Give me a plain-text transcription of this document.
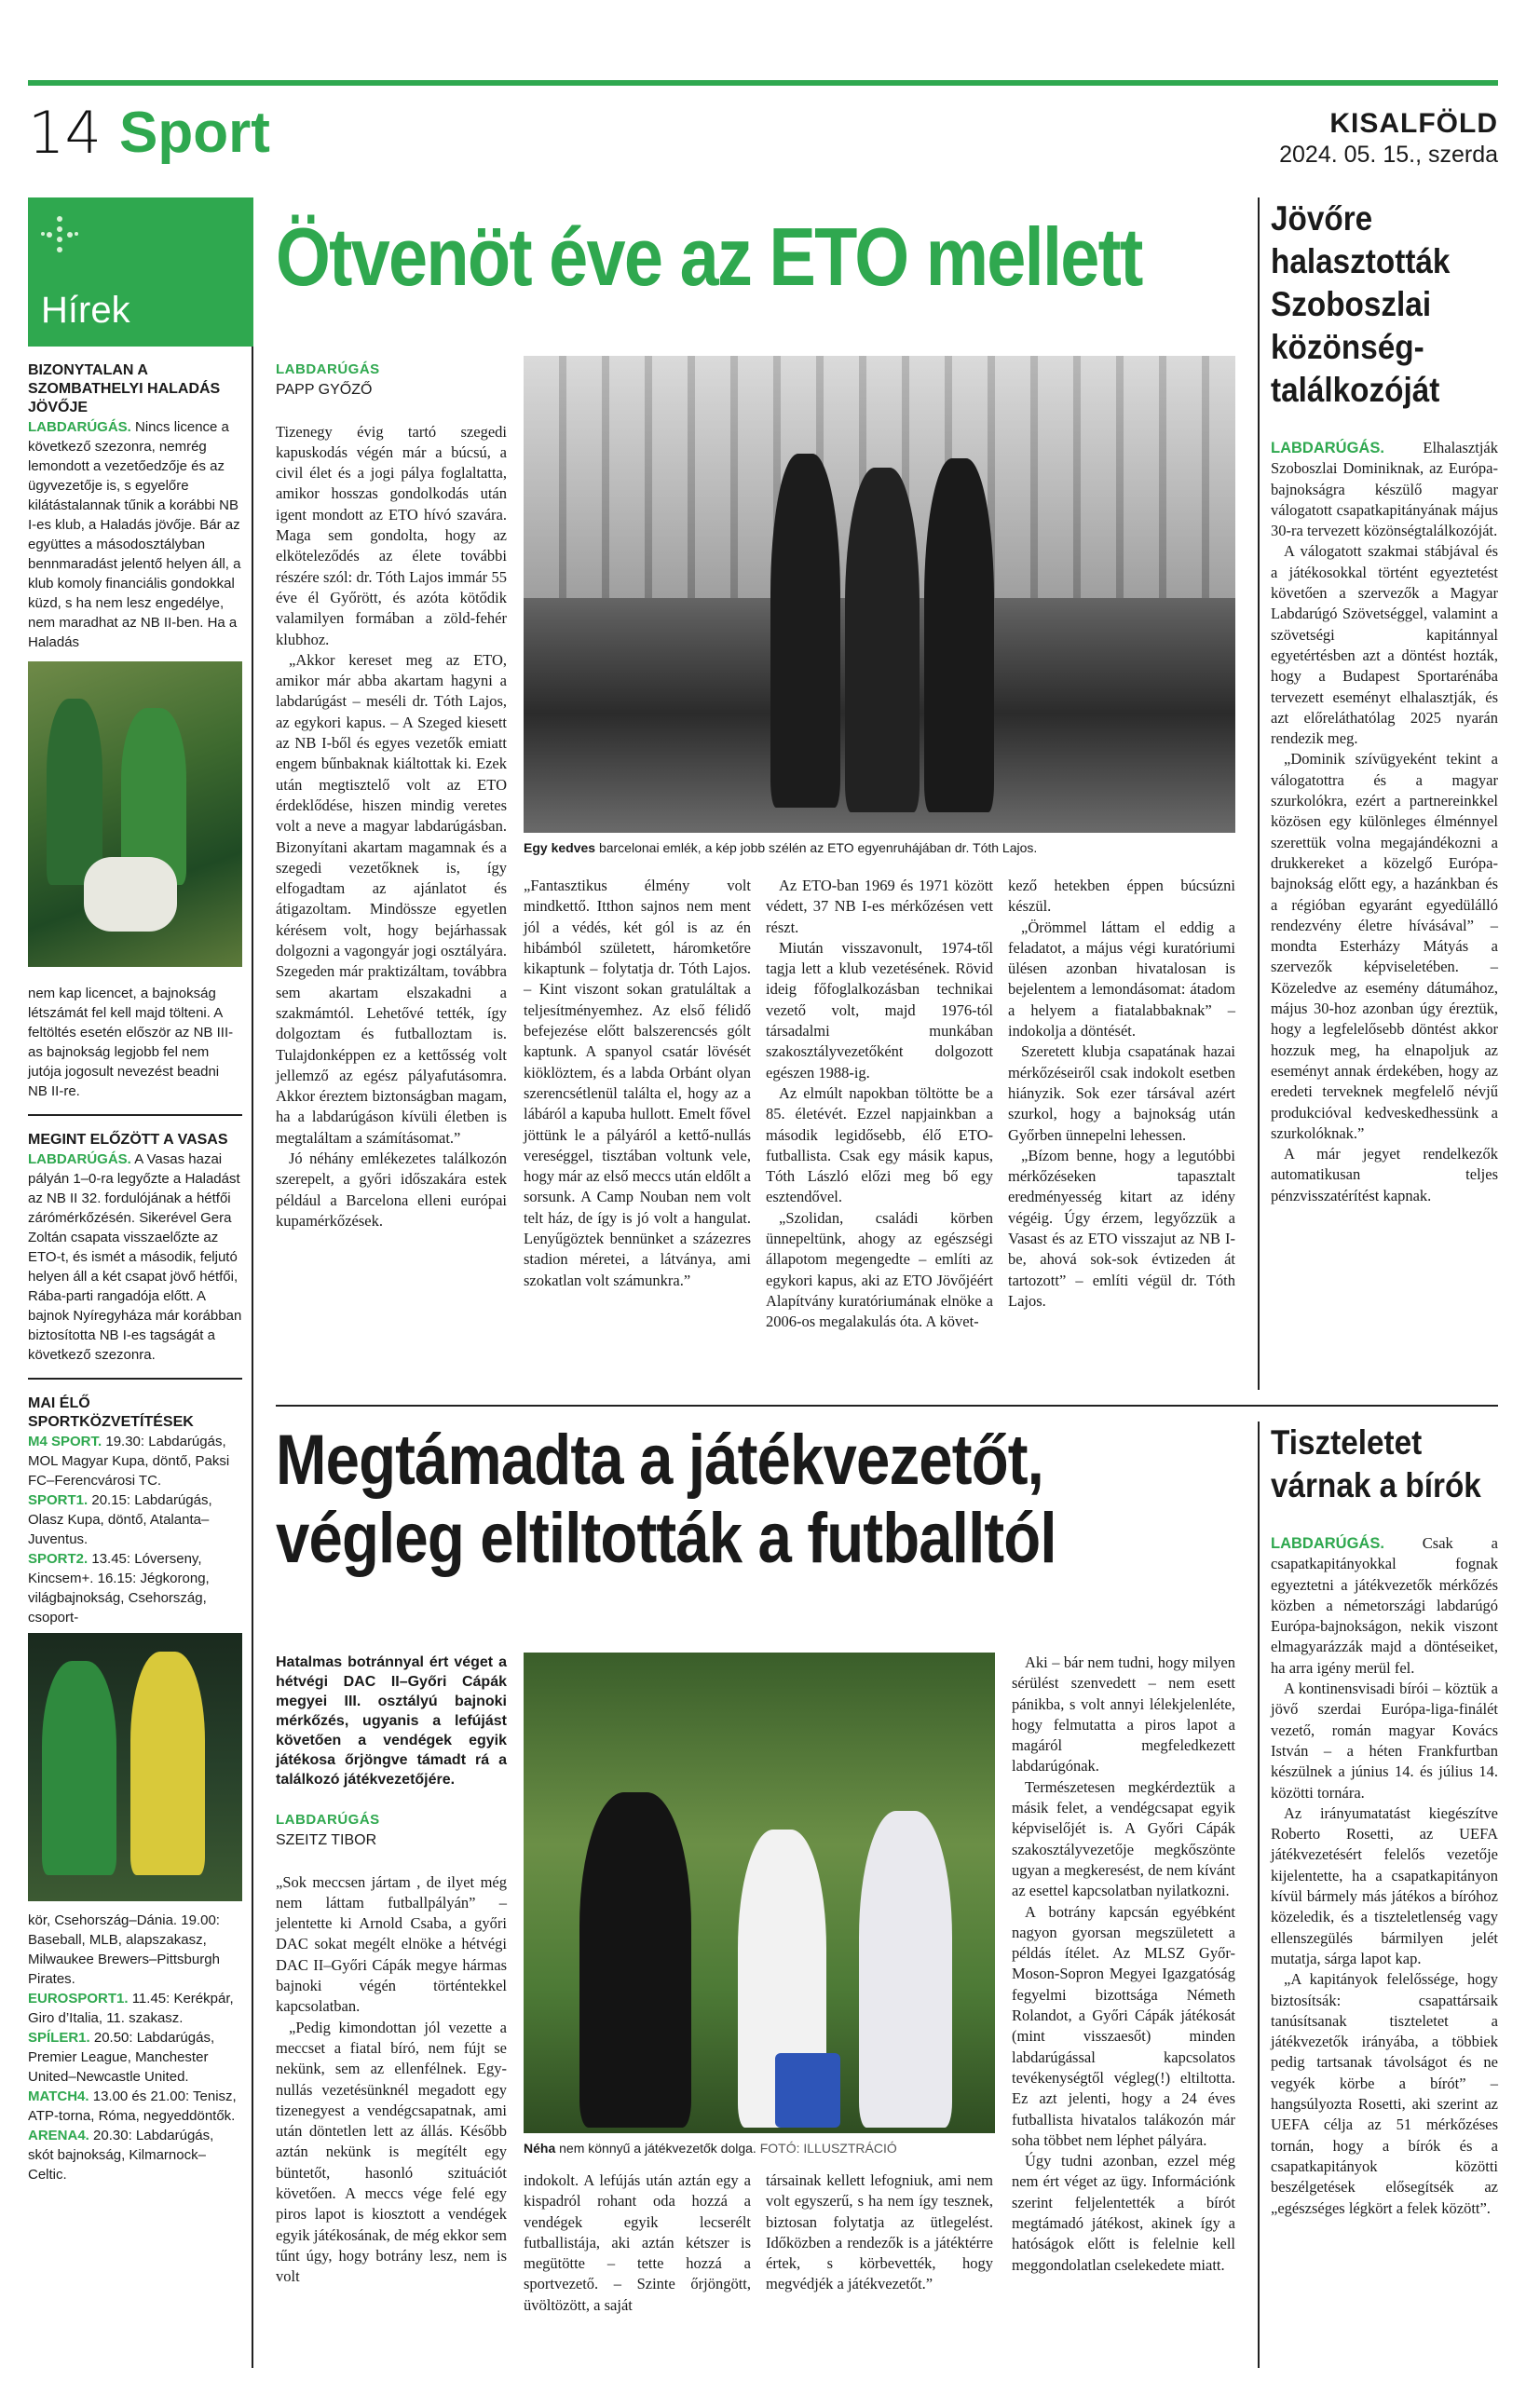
14 Sport	KISALFÖLD
2024. 05. 15., szerda
Hírek
BIZONYTALAN A SZOMBATHELYI HALADÁS JÖVŐJE
LABDARÚGÁS. Nincs licence a következő szezonra, nemrég lemondott a vezetőedzője és az ügyvezetője is, s egyelőre kilátástalannak tűnik a korábbi NB I-es klub, a Haladás jövője. Bár az együttes a másodosztályban bennmaradást jelentő helyen áll, a klub komoly financiális gondokkal küzd, s ha nem lesz engedélye, nem maradhat az NB II-ben. Ha a Haladás
nem kap licencet, a bajnokság létszámát fel kell majd tölteni. A feltöltés esetén először az NB III-as bajnokság legjobb fel nem jutója jogosult nevezést beadni NB II-re.
MEGINT ELŐZÖTT A VASAS
LABDARÚGÁS. A Vasas hazai pályán 1–0-ra legyőzte a Haladást az NB II 32. fordulójának a hétfői zárómérkőzésén. Sikerével Gera Zoltán csapata visszaelőzte az ETO-t, és ismét a második, feljutó helyen áll a két csapat jövő hétfői, Rába-parti rangadója előtt. A bajnok Nyíregyháza már korábban biztosította NB I-es tagságát a következő szezonra.
MAI ÉLŐ SPORTKÖZVETÍTÉSEK
M4 SPORT. 19.30: Labdarúgás, MOL Magyar Kupa, döntő, Paksi FC–Ferencvárosi TC.
SPORT1. 20.15: Labdarúgás, Olasz Kupa, döntő, Atalanta–Juventus.
SPORT2. 13.45: Lóverseny, Kincsem+. 16.15: Jégkorong, világbajnokság, Csehország, csoport-
kör, Csehország–Dánia. 19.00: Baseball, MLB, alapszakasz, Milwaukee Brewers–Pittsburgh Pirates.
EUROSPORT1. 11.45: Kerékpár, Giro d’Italia, 11. szakasz.
SPÍLER1. 20.50: Labdarúgás, Premier League, Manchester United–Newcastle United.
MATCH4. 13.00 és 21.00: Tenisz, ATP-torna, Róma, negyeddöntők.
ARENA4. 20.30: Labdarúgás, skót bajnokság, Kilmarnock–Celtic.
Ötvenöt éve az ETO mellett
LABDARÚGÁS
PAPP GYŐZŐ

Tizenegy évig tartó szegedi kapuskodás végén már a búcsú, a civil élet és a jogi pálya foglaltatta, amikor hosszas gondolkodás után igent mondott az ETO hívó szavára. Maga sem gondolta, hogy az elköteleződés az élete további részére szól: dr. Tóth Lajos immár 55 éve él Győrött, és azóta kötődik valamilyen formában a zöld-fehér klubhoz.

„Akkor kereset meg az ETO, amikor már abba akartam hagyni a labdarúgást – meséli dr. Tóth Lajos, az egykori kapus. – A Szeged kiesett az NB I-ből és egyes vezetők emiatt engem bűnbaknak kiáltottak ki. Ezek után megtisztelő volt az ETO érdeklődése, hiszen mindig veretes volt a neve a magyar labdarúgásban. Bizonyítani akartam magamnak és a szegedi vezetőknek is, így elfogadtam az ajánlatot és átigazoltam. Mindössze egyetlen kérésem volt, hogy bejárhassak dolgozni a vagongyár jogi osztályára. Szegeden már praktizáltam, továbbra sem akartam elszakadni a szakmámtól. Lehetővé tették, így dolgoztam és futballoztam is. Tulajdonképpen ez a kettősség volt jellemző az egész pályafutásomra. Akkor éreztem biztonságban magam, ha a labdarúgáson kívüli életben is megtaláltam a számításomat.”

Jó néhány emlékezetes találkozón szerepelt, a győri időszakára estek például a Barcelona elleni európai kupamérkőzések.

Egy kedves barcelonai emlék, a kép jobb szélén az ETO egyenruhájában dr. Tóth Lajos.

„Fantasztikus élmény volt mindkettő. Itthon sajnos nem ment jól a védés, két gól is az én hibámból született, háromketőre kikaptunk – folytatja dr. Tóth Lajos. – Kint viszont sokan gratuláltak a teljesítményemhez. Az első félidő befejezése előtt balszerencsés gólt kaptunk. A spanyol csatár lövését kiöklöztem, és a labda Orbánt olyan szerencsétlenül találta el, hogy az a lábáról a kapuba hullott. Emelt fővel jöttünk le a pályáról a kettő-nullás vereséggel, tisztában voltunk vele, hogy már az első meccs után eldőlt a sorsunk. A Camp Nouban nem volt telt ház, de így is jó volt a hangulat. Lenyűgöztek bennünket a százezres stadion méretei, a látványa, ami szokatlan volt számunkra.”

Az ETO-ban 1969 és 1971 között védett, 37 NB I-es mérkőzésen vett részt.

Miután visszavonult, 1974-től tagja lett a klub vezetésének. Rövid ideig főfoglalkozásban technikai vezető volt, majd 1976-tól társadalmi munkában szakosztályvezetőként dolgozott egészen 1988-ig.

Az elmúlt napokban töltötte be a 85. életévét. Ezzel napjainkban a második legidősebb, élő ETO-futballista. Csak egy másik kapus, Tóth László előzi meg bő egy esztendővel.

„Szolidan, családi körben ünnepeltünk, ahogy az egészségi állapotom megengedte – említi az egykori kapus, aki az ETO Jövőjéért Alapítvány kuratóriumának elnöke a 2006-os megalakulás óta. A követ-

kező hetekben éppen búcsúzni készül.

„Örömmel láttam el eddig a feladatot, a május végi kuratóriumi ülésen azonban hivatalosan is bejelentem a lemondásomat: átadom a helyem a fiatalabbaknak” – indokolja a döntését.

Szeretett klubja csapatának hazai mérkőzéseiről csak indokolt esetben hiányzik. Sok ezer társával azért szurkol, hogy a bajnokság után Győrben ünnepelni lehessen.

„Bízom benne, hogy a legutóbbi mérkőzéseken tapasztalt eredményesség kitart az idény végéig. Úgy érzem, legyőzzük a Vasast és az ETO visszajut az NB I-be, ahová sok-sok évtizeden át tartozott” – említi végül dr. Tóth Lajos.

Jövőre halasztották Szoboszlai közönség-találkozóját

LABDARÚGÁS.	Elhalasztják Szoboszlai Dominiknak, az Európa-bajnokságra készülő magyar válogatott csapatkapitányának május 30-ra tervezett közönségtalálkozóját.

A válogatott szakmai stábjával és a játékosokkal történt egyeztetést követően a szervezők a Magyar Labdarúgó Szövetséggel, valamint a szövetségi kapitánnyal egyetértésben azt a döntést hozták, hogy a Budapest Sportarénába tervezett eseményt elhalasztják, és azt előreláthatólag 2025 nyarán rendezik meg.

„Dominik szívügyeként tekint a válogatottra és a magyar szurkolókra, ezért a partnereinkkel közösen egy különleges élménnyel szerettük volna megajándékozni a drukkereket a közelgő Európa-bajnokság előtt egy, a hazánkban és a régióban egyaránt egyedülálló rendezvény életre hívásával” – mondta Esterházy Mátyás a szervezők képviseletében. – Közeledve az esemény dátumához, május 30-hoz azonban úgy éreztük, hogy a legfelelősebb döntést akkor hozzuk meg, ha elnapoljuk az eseményt annak érdekében, hogy az eredeti terveknek megfelelő névjű produkcióval kedveskedhessünk a szurkolóknak.”

A már jegyet rendelkezők automatikusan teljes pénzvisszatérítést kapnak.

Megtámadta a játékvezetőt, végleg eltiltották a futballtól
Hatalmas botránnyal ért véget a hétvégi DAC II–Győri Cápák megyei III. osztályú bajnoki mérkőzés, ugyanis a lefújást követően a vendégek egyik játékosa őrjöngve támadt rá a találkozó játékvezetőjére.
LABDARÚGÁS
SZEITZ TIBOR

„Sok meccsen jártam , de ilyet még nem láttam futballpályán” – jelentette ki Arnold Csaba, a győri DAC sokat megélt elnöke a hétvégi DAC II–Győri Cápák megye hármas bajnoki végén történtekkel kapcsolatban.

„Pedig kimondottan jól vezette a meccset a fiatal bíró, nem fújt se nekünk, sem az ellenfélnek. Egy-nullás vezetésünknél megadott egy tizenegyest a vendégcsapatnak, ami után döntetlen lett az állás. Később aztán nekünk is megítélt egy büntetőt, hasonló szituációt követően. A meccs vége felé egy piros lapot is kiosztott a vendégek egyik játékosának, de még ekkor sem tűnt úgy, hogy botrány lesz, nem is volt

Néha nem könnyű a játékvezetők dolga. FOTÓ: ILLUSZTRÁCIÓ

Aki – bár nem tudni, hogy milyen sérülést szenvedett – nem esett pánikba, s volt annyi lélekjelenléte, hogy felmutatta a piros lapot a magáról megfeledkezett labdarúgónak.

Természetesen megkérdeztük a másik felet, a vendégcsapat egyik képviselőjét is. A Győri Cápák szakosztályvezetője megkőszönte ugyan a megkeresést, de nem kívánt az esettel kapcsolatban nyilatkozni.

A botrány kapcsán egyébként nagyon gyorsan megszületett a példás ítélet. Az MLSZ Győr-Moson-Sopron Megyei Igazgatóság fegyelmi bizottsága Németh Rolandot, a Győri Cápák játékosát (mint visszaesőt) minden labdarúgással kapcsolatos tevékenységtől végleg(!) eltiltotta. Ez azt jelenti, hogy a 24 éves futballista hivatalos talákozón már soha többet nem léphet pályára.

Úgy tudni azonban, ezzel még nem ért véget az ügy. Információnk szerint feljelentették a bírót megtámadó játékost, akinek így a hatóságok előtt is felelnie kell meggondolatlan cselekedete miatt.

indokolt. A lefújás után aztán egy a kispadról rohant oda hozzá a vendégek egyik lecserélt futballistája, aki aztán kétszer is megütötte – tette hozzá a sportvezető. – Szinte őrjöngött, üvöltözött, a saját

társainak kellett lefogniuk, ami nem volt egyszerű, s ha nem így tesznek, biztosan folytatja az ütlegelést. Időközben a rendezők is a játéktérre értek, s körbevették, hogy megvédjék a játékvezetőt.”

Tiszteletet várnak a bírók

LABDARÚGÁS. Csak a csapatkapitányokkal fognak egyeztetni a játékvezetők mérkőzés közben a németországi labdarúgó Európa-bajnokságon, nekik viszont elmagyarázzák majd a döntéseiket, ha arra igény merül fel.

A kontinensvisadi bírói – köztük a jövő szerdai Európa-liga-finálét vezető, román magyar Kovács István – a héten Frankfurtban készülnek a június 14. és július 14. közötti tornára.

Az irányumatatást kiegészítve Roberto Rosetti, az UEFA játékvezetésért felelős vezetője kijelentette, ha a csapatkapitányon kívül bármely más játékos a bíróhoz közeledik, és a tiszteletlenség vagy ellenszegülés bármilyen jelét mutatja, sárga lapot kap.

„A kapitányok felelőssége, hogy biztosítsák: csapattársaik tanúsítsanak tiszteletet a játékvezetők irányába, a többiek pedig tartsanak távolságot és ne vegyék körbe a bírót” – hangsúlyozta Rosetti, aki szerint az UEFA célja az 51 mérkőzéses tornán, hogy a bírók és a csapatkapitányok közötti beszélgetések elősegítsék az „egészséges légkört a felek között”.
